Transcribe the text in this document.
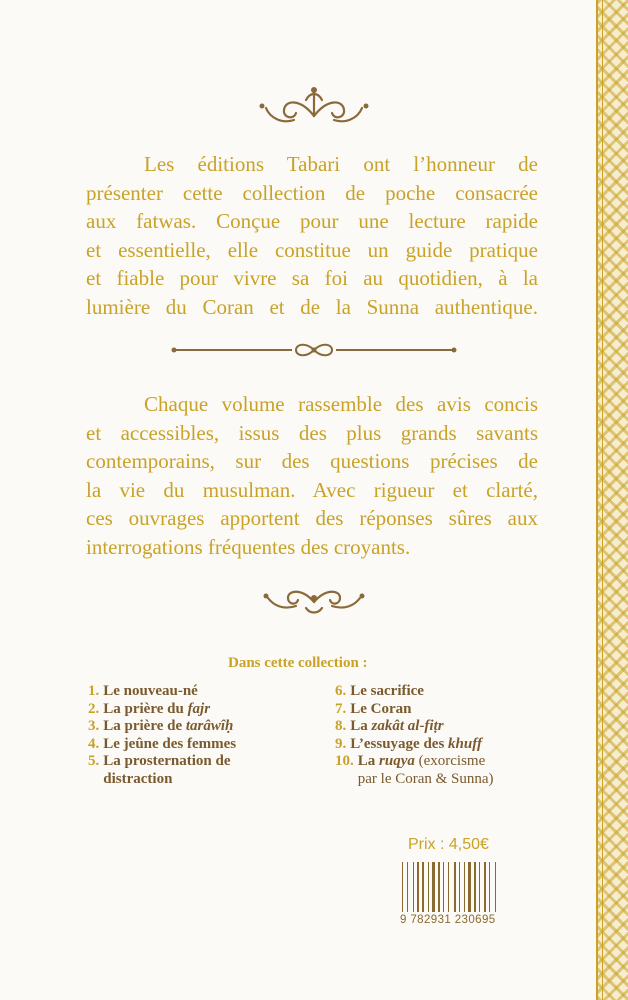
Les éditions Tabari ont l’honneur de
présenter cette collection de poche consacrée
aux fatwas. Conçue pour une lecture rapide
et essentielle, elle constitue un guide pratique
et fiable pour vivre sa foi au quotidien, à la
lumière du Coran et de la Sunna authentique.
Chaque volume rassemble des avis concis
et accessibles, issus des plus grands savants
contemporains, sur des questions précises de
la vie du musulman. Avec rigueur et clarté,
ces ouvrages apportent des réponses sûres aux
interrogations fréquentes des croyants.
Dans cette collection :
1. Le nouveau-né
2. La prière du fajr
3. La prière de tarâwîḥ
4. Le jeûne des femmes
5. La prosternation de
distraction
6. Le sacrifice
7. Le Coran
8. La zakât al-fiṭr
9. L’essuyage des khuff
10. La ruqya (exorcisme
par le Coran & Sunna)
Prix : 4,50€
9 782931 230695
